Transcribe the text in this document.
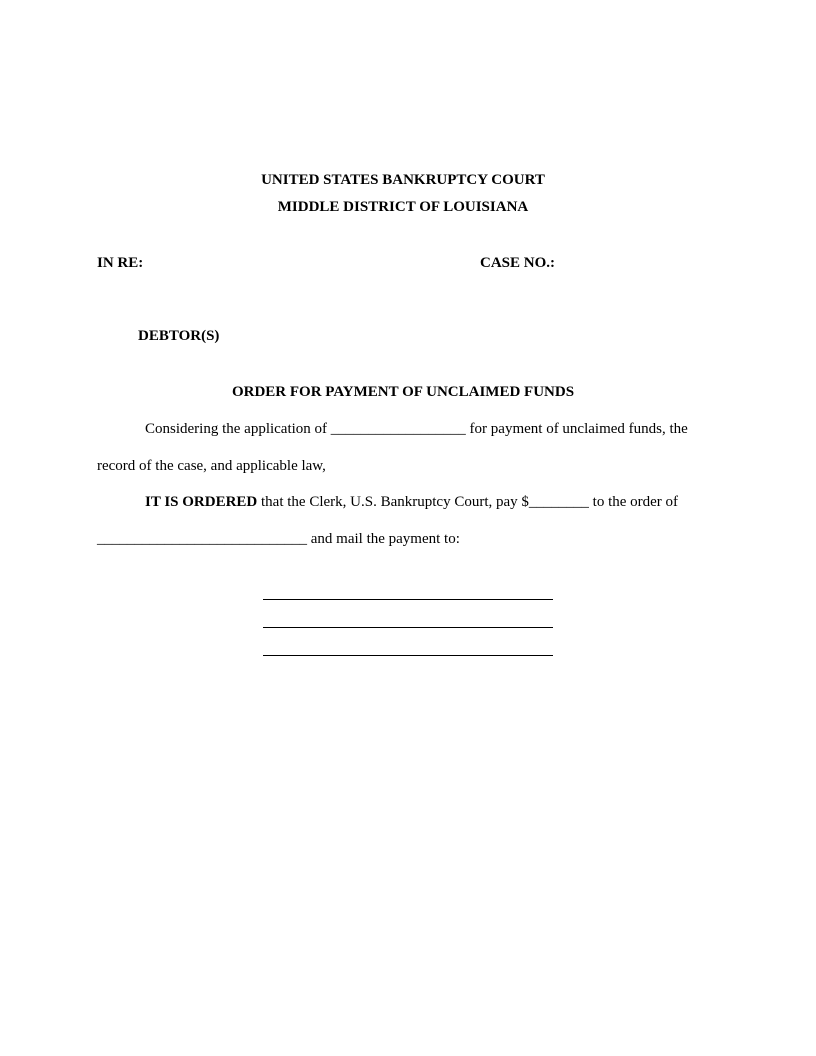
UNITED STATES BANKRUPTCY COURT
MIDDLE DISTRICT OF LOUISIANA
IN RE:	CASE NO.:
DEBTOR(S)
ORDER FOR PAYMENT OF UNCLAIMED FUNDS
Considering the application of __________________ for payment of unclaimed funds, the
record of the case, and applicable law,
IT IS ORDERED that the Clerk, U.S. Bankruptcy Court, pay $________ to the order of
____________________________ and mail the payment to:
